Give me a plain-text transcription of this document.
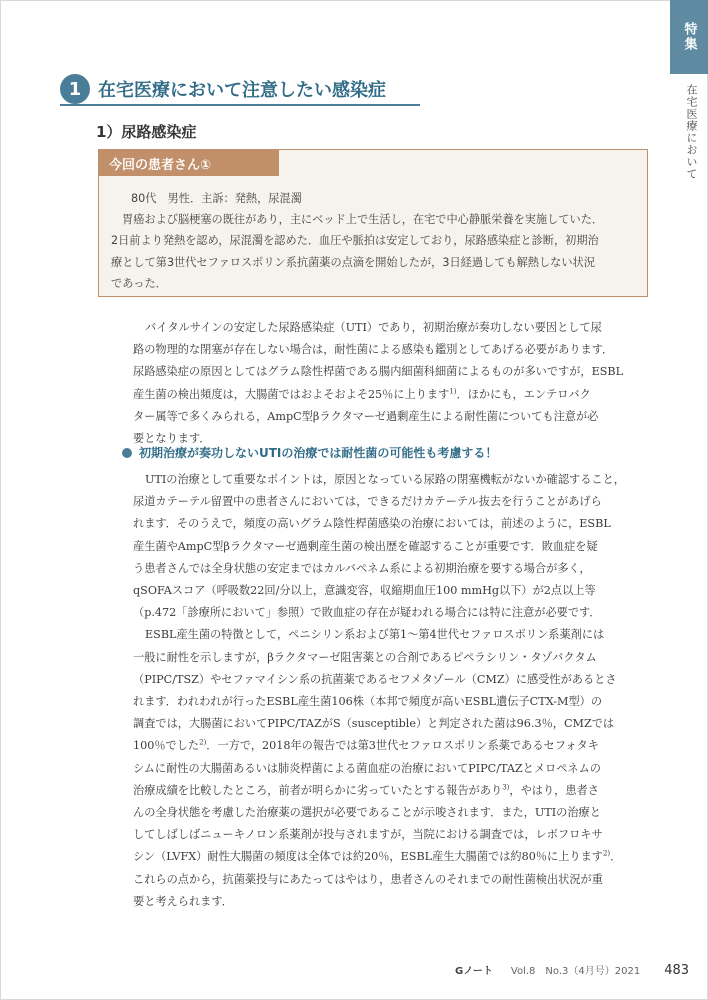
特集
在宅医療において
1 在宅医療において注意したい感染症
1）尿路感染症
今回の患者さん①

80代　男性．主訴：発熱，尿混濁

胃癌および脳梗塞の既往があり，主にベッド上で生活し，在宅で中心静脈栄養を実施していた．

2日前より発熱を認め，尿混濁を認めた．血圧や脈拍は安定しており，尿路感染症と診断，初期治

療として第3世代セファロスポリン系抗菌薬の点滴を開始したが，3日経過しても解熱しない状況

であった．

バイタルサインの安定した尿路感染症（UTI）であり，初期治療が奏功しない要因として尿

路の物理的な閉塞が存在しない場合は，耐性菌による感染も鑑別としてあげる必要があります．

尿路感染症の原因としてはグラム陰性桿菌である腸内細菌科細菌によるものが多いですが，ESBL

産生菌の検出頻度は，大腸菌ではおよそおよそ25％に上ります$^{1)}$．ほかにも，エンテロバク

ター属等で多くみられる，AmpC型βラクタマーゼ過剰産生による耐性菌についても注意が必

要となります．

初期治療が奏功しないUTIの治療では耐性菌の可能性も考慮する！

UTIの治療として重要なポイントは，原因となっている尿路の閉塞機転がないか確認すること，

尿道カテーテル留置中の患者さんにおいては，できるだけカテーテル抜去を行うことがあげら

れます．そのうえで，頻度の高いグラム陰性桿菌感染の治療においては，前述のように，ESBL

産生菌やAmpC型βラクタマーゼ過剰産生菌の検出歴を確認することが重要です．敗血症を疑

う患者さんでは全身状態の安定まではカルバペネム系による初期治療を要する場合が多く，

qSOFAスコア（呼吸数22回/分以上，意識変容，収縮期血圧100 mmHg以下）が2点以上等

（p.472「診療所において」参照）で敗血症の存在が疑われる場合には特に注意が必要です．

ESBL産生菌の特徴として，ペニシリン系および第1～第4世代セファロスポリン系薬剤には

一般に耐性を示しますが，βラクタマーゼ阻害薬との合剤であるピペラシリン・タゾバクタム

（PIPC/TSZ）やセファマイシン系の抗菌薬であるセフメタゾール（CMZ）に感受性があるとさ

れます．われわれが行ったESBL産生菌106株（本邦で頻度が高いESBL遺伝子CTX-M型）の

調査では，大腸菌においてPIPC/TAZがS（susceptible）と判定された菌は96.3％，CMZでは

100％でした$^{2)}$．一方で，2018年の報告では第3世代セファロスポリン系薬であるセフォタキ

シムに耐性の大腸菌あるいは肺炎桿菌による菌血症の治療においてPIPC/TAZとメロペネムの

治療成績を比較したところ，前者が明らかに劣っていたとする報告があり$^{3)}$，やはり，患者さ

んの全身状態を考慮した治療薬の選択が必要であることが示唆されます．また，UTIの治療と

してしばしばニューキノロン系薬剤が投与されますが，当院における調査では，レボフロキサ

シン（LVFX）耐性大腸菌の頻度は全体では約20％，ESBL産生大腸菌では約80％に上ります$^{2)}$．

これらの点から，抗菌薬投与にあたってはやはり，患者さんのそれまでの耐性菌検出状況が重

要と考えられます．

Gノート Vol.8　No.3（4月号）2021 483
